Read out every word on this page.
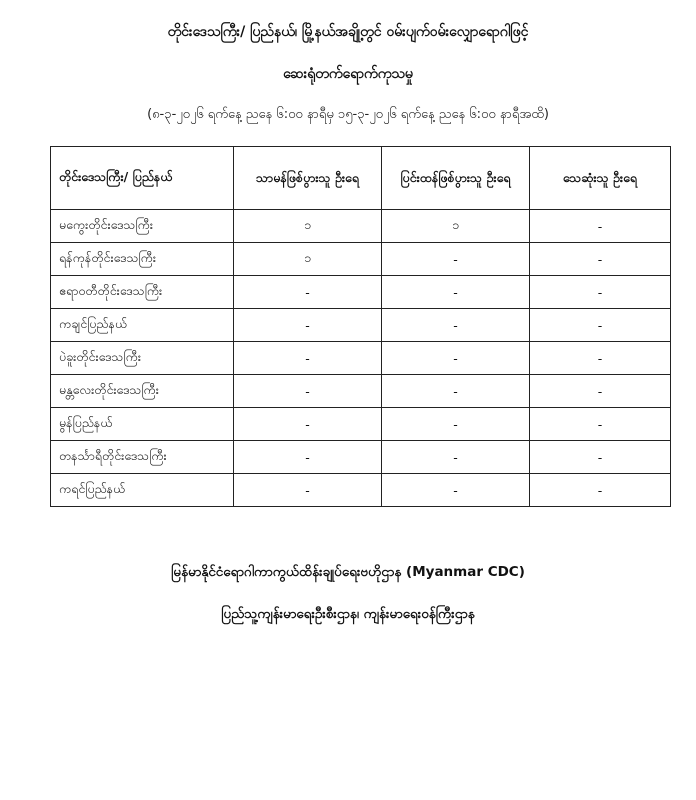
တိုင်းဒေသကြီး/ ပြည်နယ်၊ မြို့နယ်အချို့တွင် ဝမ်းပျက်ဝမ်းလျှောရောဂါဖြင့်
ဆေးရုံတက်ရောက်ကုသမှု
(၈-၃-၂၀၂၆ ရက်နေ့ ညနေ ၆:၀၀ နာရီမှ ၁၅-၃-၂၀၂၆ ရက်နေ့ ညနေ ၆:၀၀ နာရီအထိ)
တိုင်းဒေသကြီး/ ပြည်နယ်	သာမန်ဖြစ်ပွားသူ ဦးရေ	ပြင်းထန်ဖြစ်ပွားသူ ဦးရေ	သေဆုံးသူ ဦးရေ
မကွေးတိုင်းဒေသကြီး	၁	၁	-
ရန်ကုန်တိုင်းဒေသကြီး	၁	-	-
ဧရာဝတီတိုင်းဒေသကြီး	-	-	-
ကချင်ပြည်နယ်	-	-	-
ပဲခူးတိုင်းဒေသကြီး	-	-	-
မန္တလေးတိုင်းဒေသကြီး	-	-	-
မွန်ပြည်နယ်	-	-	-
တနင်္သာရီတိုင်းဒေသကြီး	-	-	-
ကရင်ပြည်နယ်	-	-	-
မြန်မာနိုင်ငံရောဂါကာကွယ်ထိန်းချုပ်ရေးဗဟိုဌာန (Myanmar CDC)
ပြည်သူ့ကျန်းမာရေးဦးစီးဌာန၊ ကျန်းမာရေးဝန်ကြီးဌာန
